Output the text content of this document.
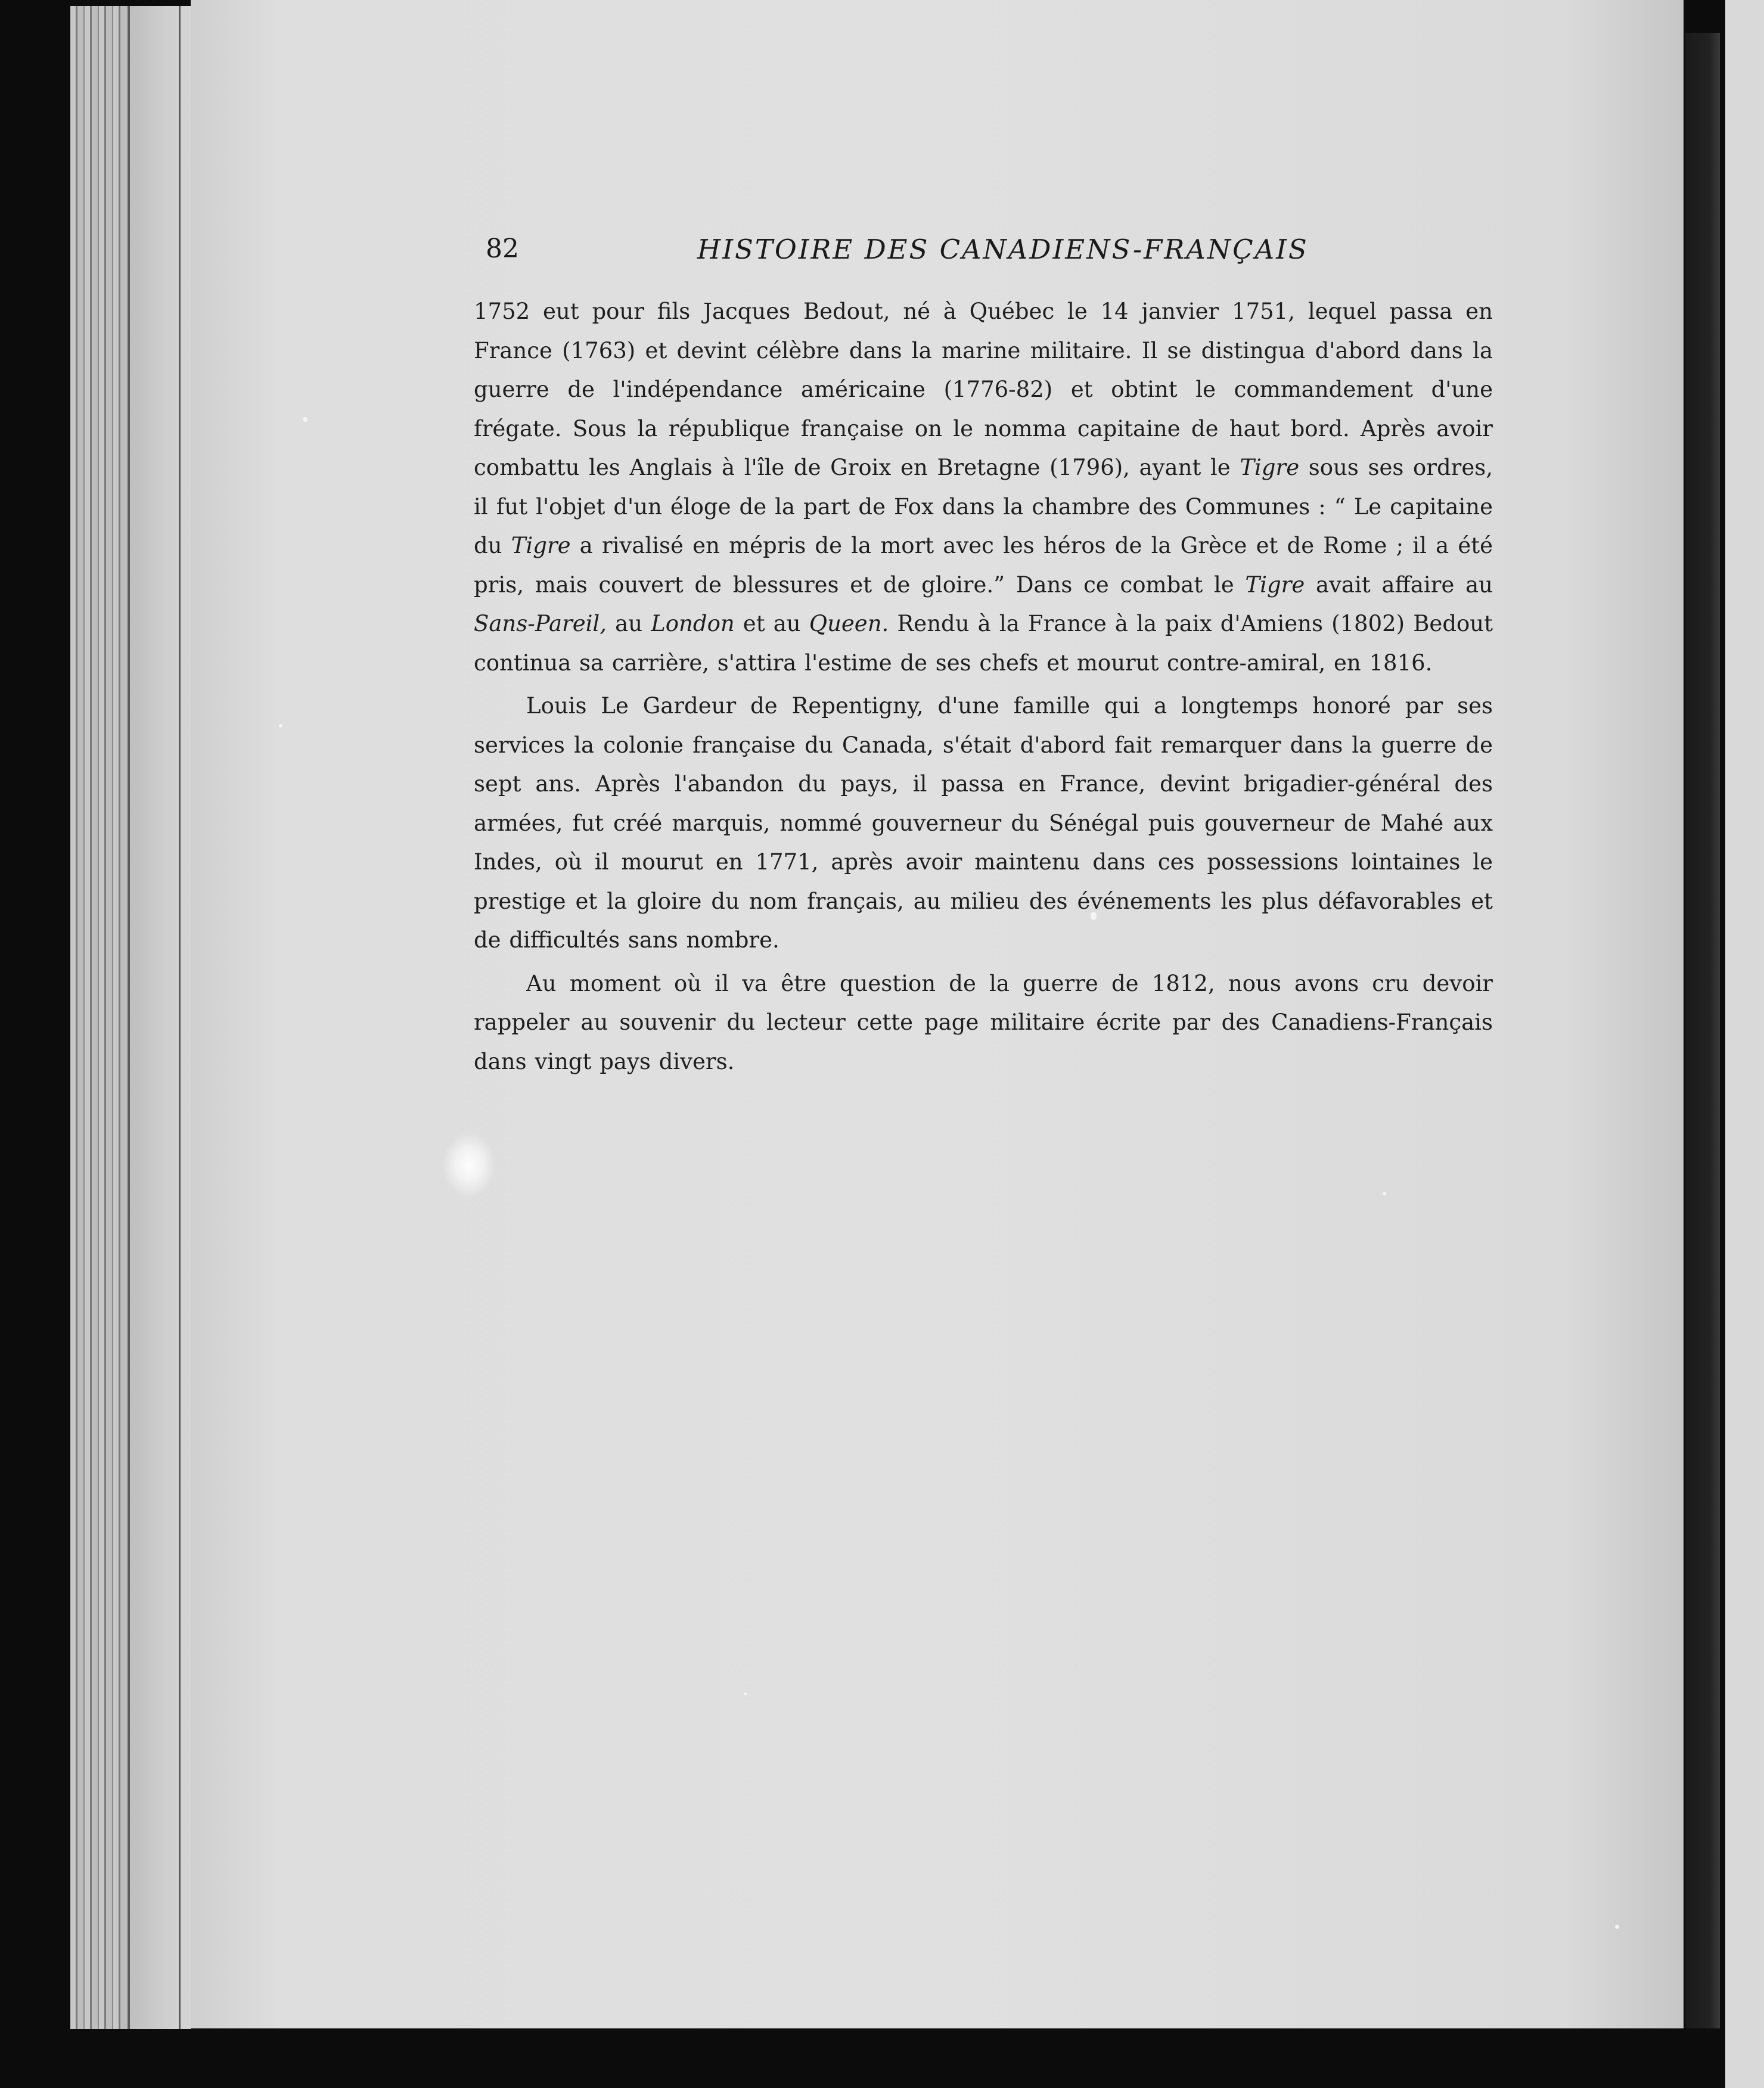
82	HISTOIRE DES CANADIENS-FRANÇAIS

1752 eut pour fils Jacques Bedout, né à Québec le 14 janvier 1751, lequel passa en France (1763) et devint célèbre dans la marine militaire. Il se distingua d'abord dans la guerre de l'indépendance américaine (1776-82) et obtint le commandement d'une frégate. Sous la république française on le nomma capitaine de haut bord. Après avoir combattu les Anglais à l'île de Groix en Bretagne (1796), ayant le Tigre sous ses ordres, il fut l'objet d'un éloge de la part de Fox dans la chambre des Communes : “ Le capitaine du Tigre a rivalisé en mépris de la mort avec les héros de la Grèce et de Rome ; il a été pris, mais couvert de blessures et de gloire.” Dans ce combat le Tigre avait affaire au Sans-Pareil, au London et au Queen. Rendu à la France à la paix d'Amiens (1802) Bedout continua sa carrière, s'attira l'estime de ses chefs et mourut contre-amiral, en 1816.

Louis Le Gardeur de Repentigny, d'une famille qui a longtemps honoré par ses services la colonie française du Canada, s'était d'abord fait remarquer dans la guerre de sept ans. Après l'abandon du pays, il passa en France, devint brigadier-général des armées, fut créé marquis, nommé gouverneur du Sénégal puis gouverneur de Mahé aux Indes, où il mourut en 1771, après avoir maintenu dans ces possessions lointaines le prestige et la gloire du nom français, au milieu des événements les plus défavorables et de difficultés sans nombre.

Au moment où il va être question de la guerre de 1812, nous avons cru devoir rappeler au souvenir du lecteur cette page militaire écrite par des Canadiens-Français dans vingt pays divers.
